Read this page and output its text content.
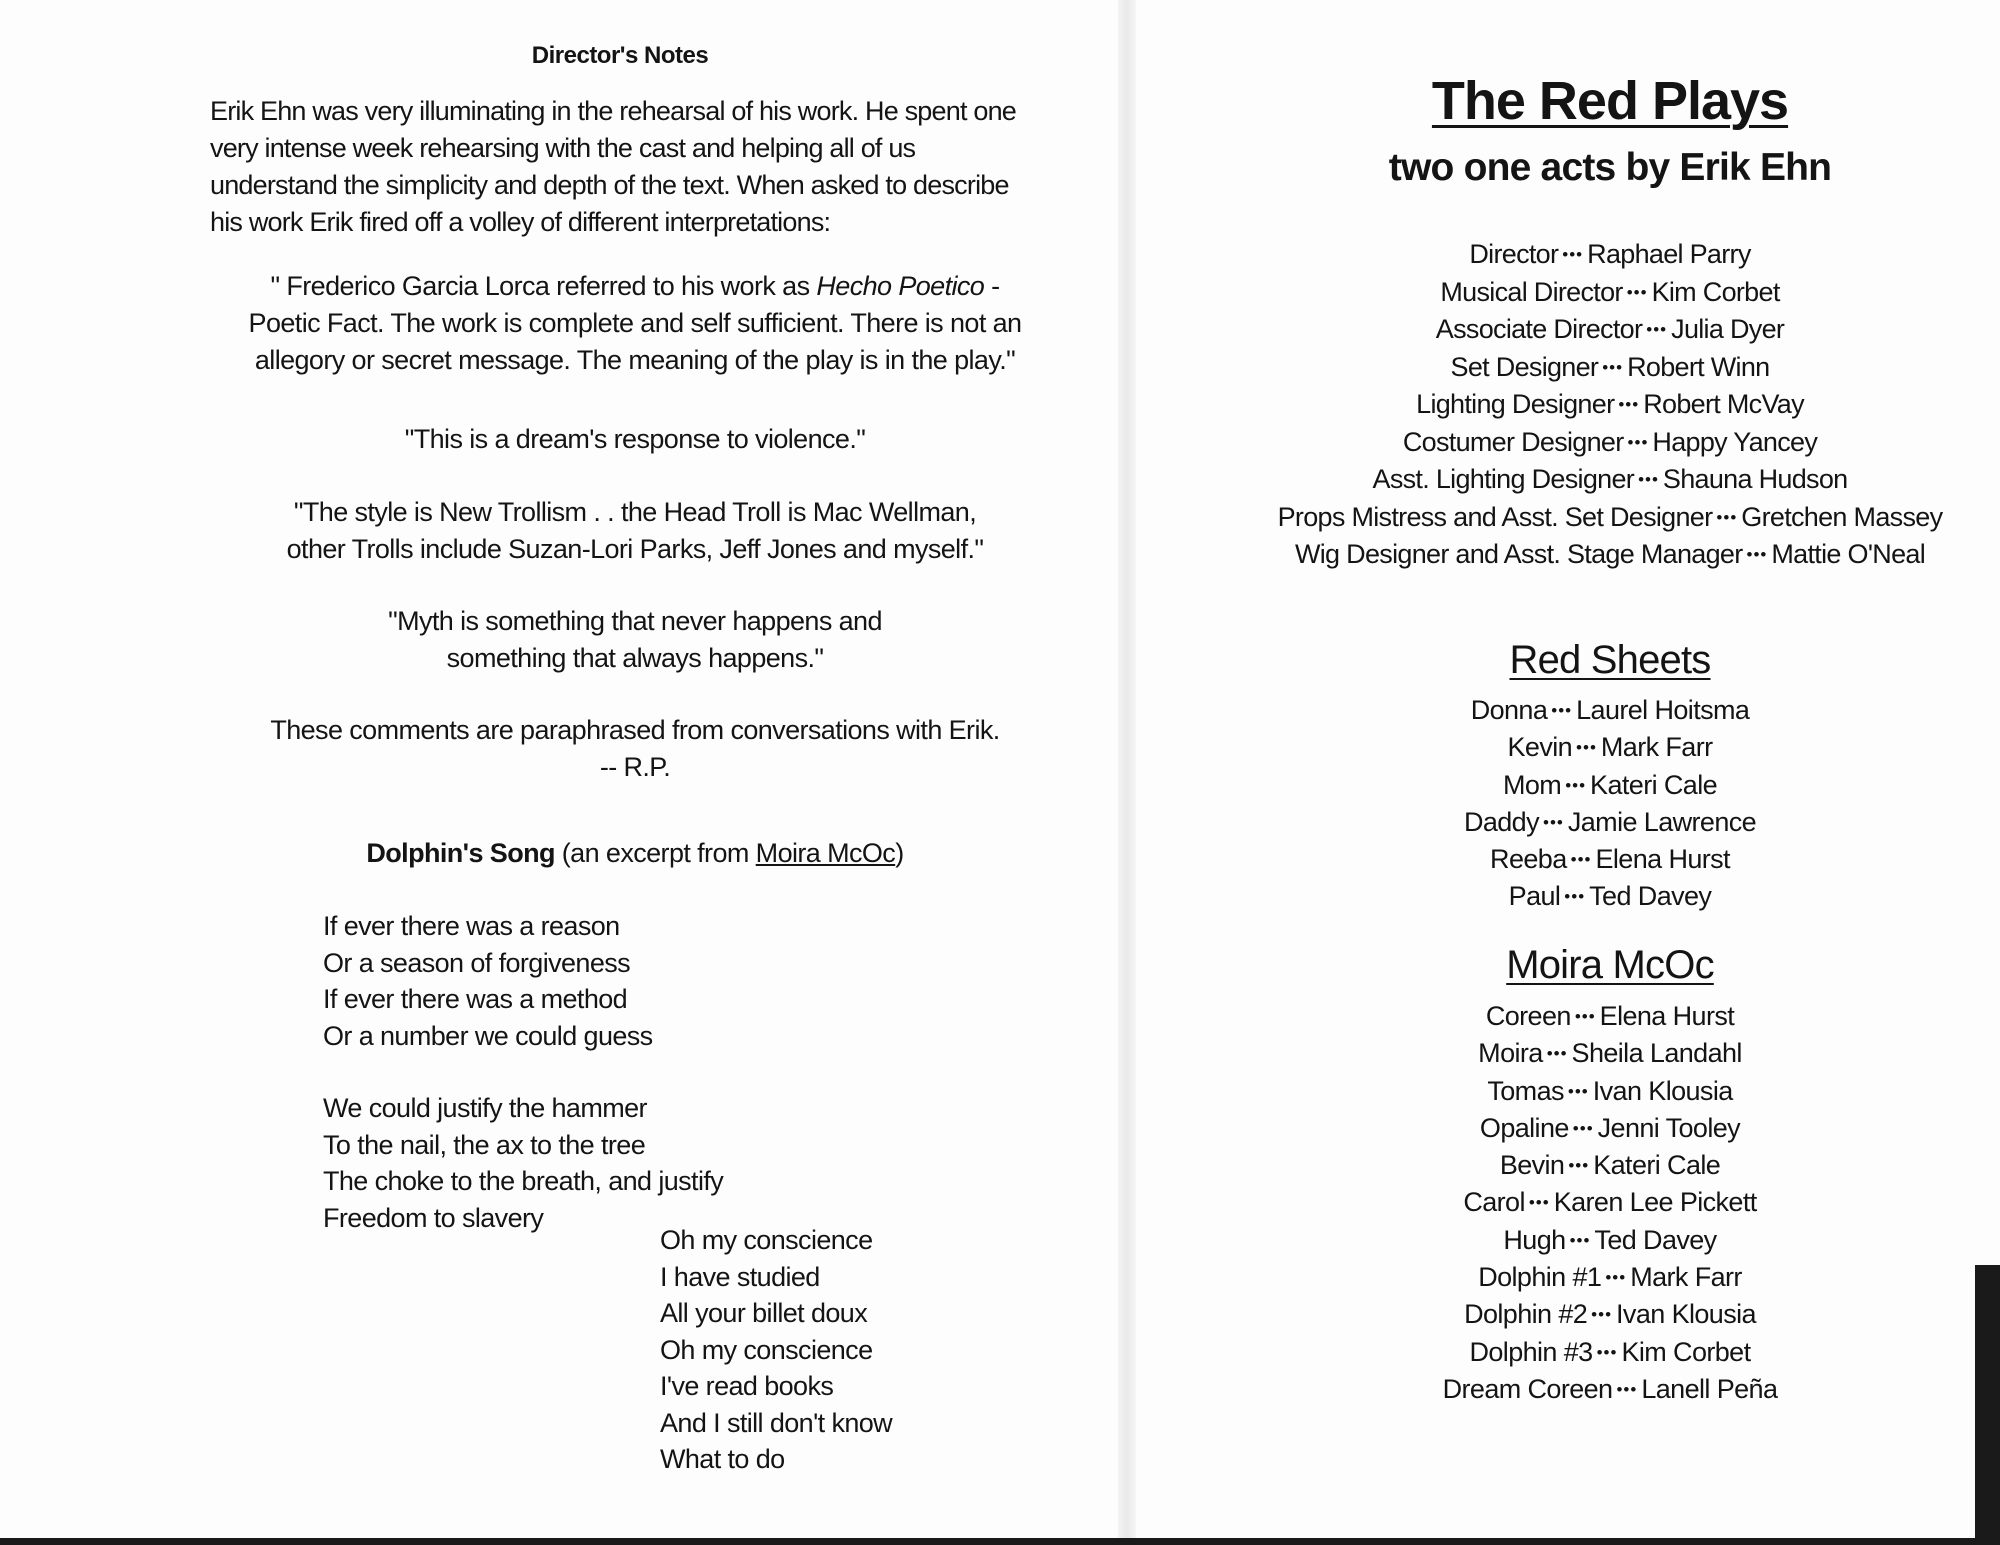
Director's Notes
Erik Ehn was very illuminating in the rehearsal of his work. He spent one
very intense week rehearsing with the cast and helping all of us
understand the simplicity and depth of the text. When asked to describe
his work Erik fired off a volley of different interpretations:
" Frederico Garcia Lorca referred to his work as Hecho Poetico -
Poetic Fact. The work is complete and self sufficient. There is not an
allegory or secret message. The meaning of the play is in the play."
"This is a dream's response to violence."
"The style is New Trollism . . the Head Troll is Mac Wellman,
other Trolls include Suzan-Lori Parks, Jeff Jones and myself."
"Myth is something that never happens and
something that always happens."
These comments are paraphrased from conversations with Erik.
-- R.P.
Dolphin's Song (an excerpt from Moira McOc)
If ever there was a reason
Or a season of forgiveness
If ever there was a method
Or a number we could guess
We could justify the hammer
To the nail, the ax to the tree
The choke to the breath, and justify
Freedom to slavery
Oh my conscience
I have studied
All your billet doux
Oh my conscience
I've read books
And I still don't know
What to do
The Red Plays
two one acts by Erik Ehn
Director ••• Raphael Parry
Musical Director ••• Kim Corbet
Associate Director ••• Julia Dyer
Set Designer ••• Robert Winn
Lighting Designer ••• Robert McVay
Costumer Designer ••• Happy Yancey
Asst. Lighting Designer ••• Shauna Hudson
Props Mistress and Asst. Set Designer ••• Gretchen Massey
Wig Designer and Asst. Stage Manager ••• Mattie O'Neal
Red Sheets
Donna ••• Laurel Hoitsma
Kevin ••• Mark Farr
Mom ••• Kateri Cale
Daddy ••• Jamie Lawrence
Reeba ••• Elena Hurst
Paul ••• Ted Davey
Moira McOc
Coreen ••• Elena Hurst
Moira ••• Sheila Landahl
Tomas ••• Ivan Klousia
Opaline ••• Jenni Tooley
Bevin ••• Kateri Cale
Carol ••• Karen Lee Pickett
Hugh ••• Ted Davey
Dolphin #1 ••• Mark Farr
Dolphin #2 ••• Ivan Klousia
Dolphin #3 ••• Kim Corbet
Dream Coreen ••• Lanell Peña
